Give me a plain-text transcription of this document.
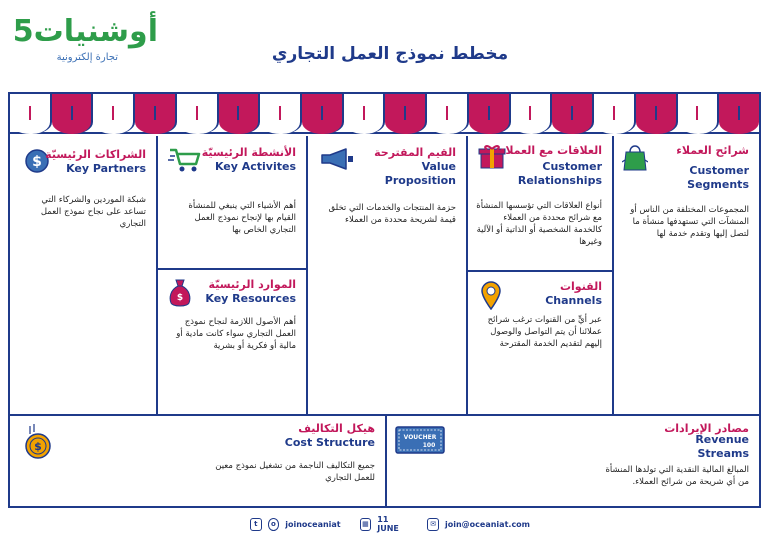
أوشنيات5
تجارة إلكترونية	مخطط نموذج العمل التجاري
$ الشراكات الرئيسيّة
Key Partners
شبكة الموردين والشركاء التي تساعد على نجاح نموذج العمل التجاري
الأنشطة الرئيسيّة
Key Activites
أهم الأشياء التي ينبغي للمنشأة القيام بها لإنجاح نموذج العمل التجاري الخاص بها
$
الموارد الرئيسيّة
Key Resources
أهم الأصول اللازمة لنجاح نموذج العمل التجاري سواء كانت مادية أو مالية أو فكرية أو بشرية
القيم المقترحة
Value
Proposition
حزمة المنتجات والخدمات التي تخلق قيمة لشريحة محددة من العملاء
العلاقات مع العملاء
Customer
Relationships
أنواع العلاقات التي تؤسسها المنشأة مع شرائح محددة من العملاء كالخدمة الشخصية أو الذاتية أو الآلية وغيرها
القنوات
Channels
عبر أيٍّ من القنوات ترغب شرائح عملائنا أن يتم التواصل والوصول إليهم لتقديم الخدمة المقترحة
شرائح العملاء
Customer
Segments
المجموعات المختلفة من الناس أو المنشآت التي تستهدفها منشأة ما لتصل إليها وتقدم خدمة لها
$
هيكل التكاليف
Cost Structure
جميع التكاليف الناجمة من تشغيل نموذج معين للعمل التجاري
VOUCHER
100
مصادر الإيرادات
Revenue
Streams
المبالغ المالية النقدية التي تولدها المنشأة من أي شريحة من شرائح العملاء.
t	o	joinoceaniat	▦	11 JUNE	✉	join@oceaniat.com
